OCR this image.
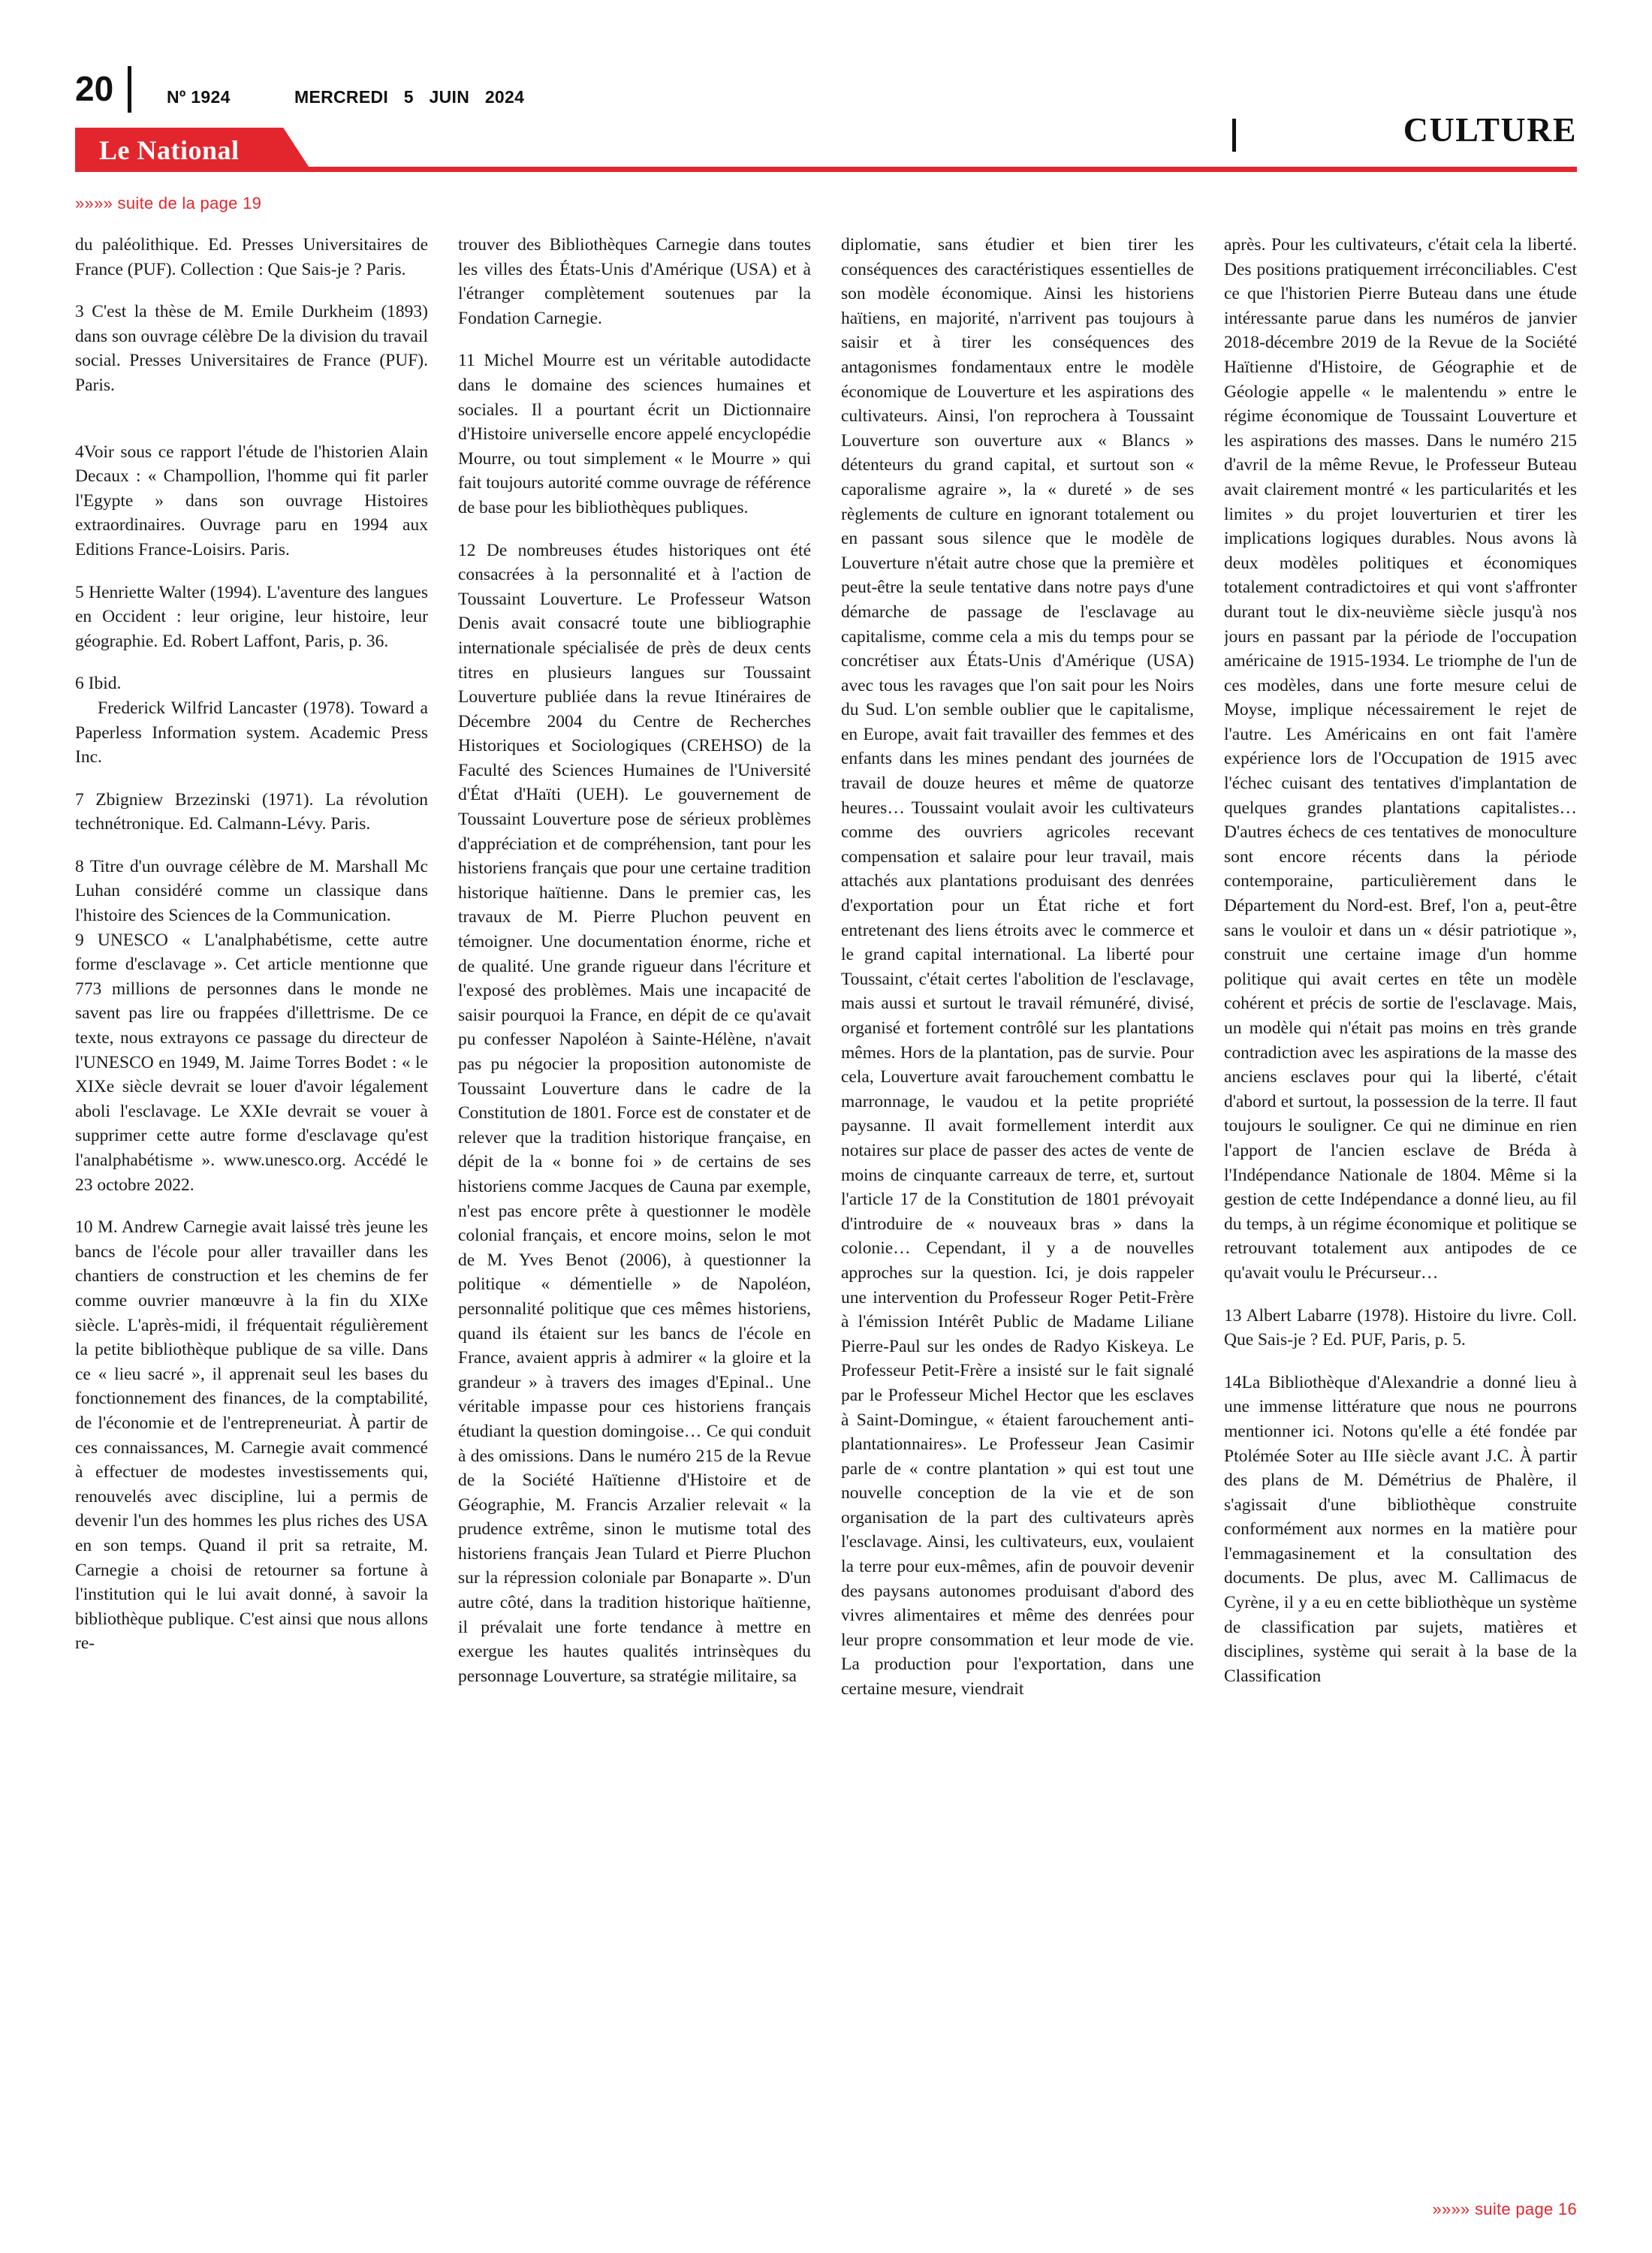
20	Nº 1924	MERCREDI 5 JUIN 2024
Le National
CULTURE
»»»» suite de la page 19

du paléolithique. Ed. Presses Universitaires de France (PUF). Collection : Que Sais-je ? Paris.

3 C'est la thèse de M. Emile Durkheim (1893) dans son ouvrage célèbre De la division du travail social. Presses Universitaires de France (PUF). Paris.

4Voir sous ce rapport l'étude de l'historien Alain Decaux : « Champollion, l'homme qui fit parler l'Egypte » dans son ouvrage Histoires extraordinaires. Ouvrage paru en 1994 aux Editions France-Loisirs. Paris.

5 Henriette Walter (1994). L'aventure des langues en Occident : leur origine, leur histoire, leur géographie. Ed. Robert Laffont, Paris, p. 36.

6 Ibid.

Frederick Wilfrid Lancaster (1978). Toward a Paperless Information system. Academic Press Inc.

7 Zbigniew Brzezinski (1971). La révolution technétronique. Ed. Calmann-Lévy. Paris.

8 Titre d'un ouvrage célèbre de M. Marshall Mc Luhan considéré comme un classique dans l'histoire des Sciences de la Communication.

9 UNESCO « L'analphabétisme, cette autre forme d'esclavage ». Cet article mentionne que 773 millions de personnes dans le monde ne savent pas lire ou frappées d'illettrisme. De ce texte, nous extrayons ce passage du directeur de l'UNESCO en 1949, M. Jaime Torres Bodet : « le XIXe siècle devrait se louer d'avoir légalement aboli l'esclavage. Le XXIe devrait se vouer à supprimer cette autre forme d'esclavage qu'est l'analphabétisme ». www.unesco.org. Accédé le 23 octobre 2022.

10 M. Andrew Carnegie avait laissé très jeune les bancs de l'école pour aller travailler dans les chantiers de construction et les chemins de fer comme ouvrier manœuvre à la fin du XIXe siècle. L'après-midi, il fréquentait régulièrement la petite bibliothèque publique de sa ville. Dans ce « lieu sacré », il apprenait seul les bases du fonctionnement des finances, de la comptabilité, de l'économie et de l'entrepreneuriat. À partir de ces connaissances, M. Carnegie avait commencé à effectuer de modestes investissements qui, renouvelés avec discipline, lui a permis de devenir l'un des hommes les plus riches des USA en son temps. Quand il prit sa retraite, M. Carnegie a choisi de retourner sa fortune à l'institution qui le lui avait donné, à savoir la bibliothèque publique. C'est ainsi que nous allons re-

trouver des Bibliothèques Carnegie dans toutes les villes des États-Unis d'Amérique (USA) et à l'étranger complètement soutenues par la Fondation Carnegie.

11 Michel Mourre est un véritable autodidacte dans le domaine des sciences humaines et sociales. Il a pourtant écrit un Dictionnaire d'Histoire universelle encore appelé encyclopédie Mourre, ou tout simplement « le Mourre » qui fait toujours autorité comme ouvrage de référence de base pour les bibliothèques publiques.

12 De nombreuses études historiques ont été consacrées à la personnalité et à l'action de Toussaint Louverture. Le Professeur Watson Denis avait consacré toute une bibliographie internationale spécialisée de près de deux cents titres en plusieurs langues sur Toussaint Louverture publiée dans la revue Itinéraires de Décembre 2004 du Centre de Recherches Historiques et Sociologiques (CREHSO) de la Faculté des Sciences Humaines de l'Université d'État d'Haïti (UEH). Le gouvernement de Toussaint Louverture pose de sérieux problèmes d'appréciation et de compréhension, tant pour les historiens français que pour une certaine tradition historique haïtienne. Dans le premier cas, les travaux de M. Pierre Pluchon peuvent en témoigner. Une documentation énorme, riche et de qualité. Une grande rigueur dans l'écriture et l'exposé des problèmes. Mais une incapacité de saisir pourquoi la France, en dépit de ce qu'avait pu confesser Napoléon à Sainte-Hélène, n'avait pas pu négocier la proposition autonomiste de Toussaint Louverture dans le cadre de la Constitution de 1801. Force est de constater et de relever que la tradition historique française, en dépit de la « bonne foi » de certains de ses historiens comme Jacques de Cauna par exemple, n'est pas encore prête à questionner le modèle colonial français, et encore moins, selon le mot de M. Yves Benot (2006), à questionner la politique « démentielle » de Napoléon, personnalité politique que ces mêmes historiens, quand ils étaient sur les bancs de l'école en France, avaient appris à admirer « la gloire et la grandeur » à travers des images d'Epinal.. Une véritable impasse pour ces historiens français étudiant la question domingoise… Ce qui conduit à des omissions. Dans le numéro 215 de la Revue de la Société Haïtienne d'Histoire et de Géographie, M. Francis Arzalier relevait « la prudence extrême, sinon le mutisme total des historiens français Jean Tulard et Pierre Pluchon sur la répression coloniale par Bonaparte ». D'un autre côté, dans la tradition historique haïtienne, il prévalait une forte tendance à mettre en exergue les hautes qualités intrinsèques du personnage Louverture, sa stratégie militaire, sa

diplomatie, sans étudier et bien tirer les conséquences des caractéristiques essentielles de son modèle économique. Ainsi les historiens haïtiens, en majorité, n'arrivent pas toujours à saisir et à tirer les conséquences des antagonismes fondamentaux entre le modèle économique de Louverture et les aspirations des cultivateurs. Ainsi, l'on reprochera à Toussaint Louverture son ouverture aux « Blancs » détenteurs du grand capital, et surtout son « caporalisme agraire », la « dureté » de ses règlements de culture en ignorant totalement ou en passant sous silence que le modèle de Louverture n'était autre chose que la première et peut-être la seule tentative dans notre pays d'une démarche de passage de l'esclavage au capitalisme, comme cela a mis du temps pour se concrétiser aux États-Unis d'Amérique (USA) avec tous les ravages que l'on sait pour les Noirs du Sud. L'on semble oublier que le capitalisme, en Europe, avait fait travailler des femmes et des enfants dans les mines pendant des journées de travail de douze heures et même de quatorze heures… Toussaint voulait avoir les cultivateurs comme des ouvriers agricoles recevant compensation et salaire pour leur travail, mais attachés aux plantations produisant des denrées d'exportation pour un État riche et fort entretenant des liens étroits avec le commerce et le grand capital international. La liberté pour Toussaint, c'était certes l'abolition de l'esclavage, mais aussi et surtout le travail rémunéré, divisé, organisé et fortement contrôlé sur les plantations mêmes. Hors de la plantation, pas de survie. Pour cela, Louverture avait farouchement combattu le marronnage, le vaudou et la petite propriété paysanne. Il avait formellement interdit aux notaires sur place de passer des actes de vente de moins de cinquante carreaux de terre, et, surtout l'article 17 de la Constitution de 1801 prévoyait d'introduire de « nouveaux bras » dans la colonie… Cependant, il y a de nouvelles approches sur la question. Ici, je dois rappeler une intervention du Professeur Roger Petit-Frère à l'émission Intérêt Public de Madame Liliane Pierre-Paul sur les ondes de Radyo Kiskeya. Le Professeur Petit-Frère a insisté sur le fait signalé par le Professeur Michel Hector que les esclaves à Saint-Domingue, « étaient farouchement anti-plantationnaires». Le Professeur Jean Casimir parle de « contre plantation » qui est tout une nouvelle conception de la vie et de son organisation de la part des cultivateurs après l'esclavage. Ainsi, les cultivateurs, eux, voulaient la terre pour eux-mêmes, afin de pouvoir devenir des paysans autonomes produisant d'abord des vivres alimentaires et même des denrées pour leur propre consommation et leur mode de vie. La production pour l'exportation, dans une certaine mesure, viendrait

après. Pour les cultivateurs, c'était cela la liberté. Des positions pratiquement irréconciliables. C'est ce que l'historien Pierre Buteau dans une étude intéressante parue dans les numéros de janvier 2018-décembre 2019 de la Revue de la Société Haïtienne d'Histoire, de Géographie et de Géologie appelle « le malentendu » entre le régime économique de Toussaint Louverture et les aspirations des masses. Dans le numéro 215 d'avril de la même Revue, le Professeur Buteau avait clairement montré « les particularités et les limites » du projet louverturien et tirer les implications logiques durables. Nous avons là deux modèles politiques et économiques totalement contradictoires et qui vont s'affronter durant tout le dix-neuvième siècle jusqu'à nos jours en passant par la période de l'occupation américaine de 1915-1934. Le triomphe de l'un de ces modèles, dans une forte mesure celui de Moyse, implique nécessairement le rejet de l'autre. Les Américains en ont fait l'amère expérience lors de l'Occupation de 1915 avec l'échec cuisant des tentatives d'implantation de quelques grandes plantations capitalistes…D'autres échecs de ces tentatives de monoculture sont encore récents dans la période contemporaine, particulièrement dans le Département du Nord-est. Bref, l'on a, peut-être sans le vouloir et dans un « désir patriotique », construit une certaine image d'un homme politique qui avait certes en tête un modèle cohérent et précis de sortie de l'esclavage. Mais, un modèle qui n'était pas moins en très grande contradiction avec les aspirations de la masse des anciens esclaves pour qui la liberté, c'était d'abord et surtout, la possession de la terre. Il faut toujours le souligner. Ce qui ne diminue en rien l'apport de l'ancien esclave de Bréda à l'Indépendance Nationale de 1804. Même si la gestion de cette Indépendance a donné lieu, au fil du temps, à un régime économique et politique se retrouvant totalement aux antipodes de ce qu'avait voulu le Précurseur…

13 Albert Labarre (1978). Histoire du livre. Coll. Que Sais-je ? Ed. PUF, Paris, p. 5.

14La Bibliothèque d'Alexandrie a donné lieu à une immense littérature que nous ne pourrons mentionner ici. Notons qu'elle a été fondée par Ptolémée Soter au IIIe siècle avant J.C. À partir des plans de M. Démétrius de Phalère, il s'agissait d'une bibliothèque construite conformément aux normes en la matière pour l'emmagasinement et la consultation des documents. De plus, avec M. Callimacus de Cyrène, il y a eu en cette bibliothèque un système de classification par sujets, matières et disciplines, système qui serait à la base de la Classification

»»»» suite page 16
